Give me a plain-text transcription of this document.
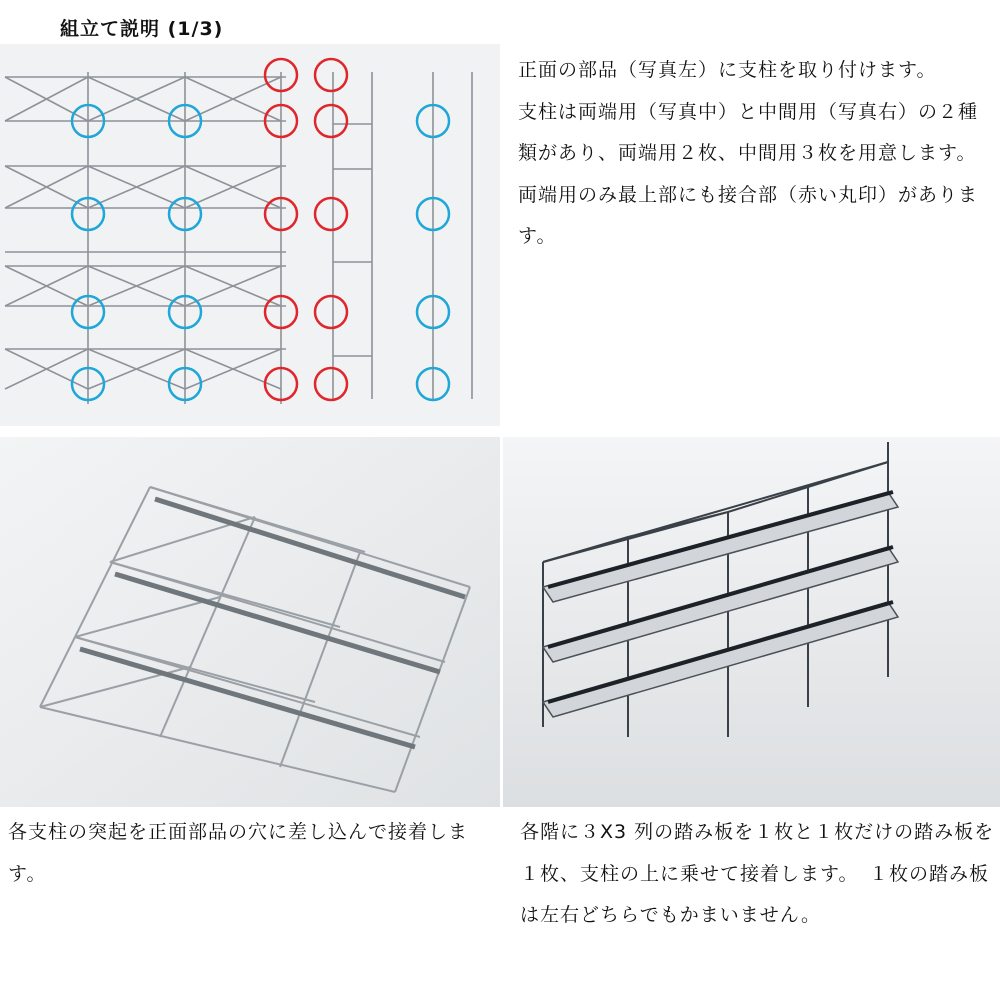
組立て説明 (1/3)

正面の部品（写真左）に支柱を取り付けます。
支柱は両端用（写真中）と中間用（写真右）の２種類があり、両端用２枚、中間用３枚を用意します。
両端用のみ最上部にも接合部（赤い丸印）があります。

各支柱の突起を正面部品の穴に差し込んで接着します。

各階に３X3 列の踏み板を１枚と１枚だけの踏み板を１枚、支柱の上に乗せて接着します。　１枚の踏み板は左右どちらでもかまいません。
